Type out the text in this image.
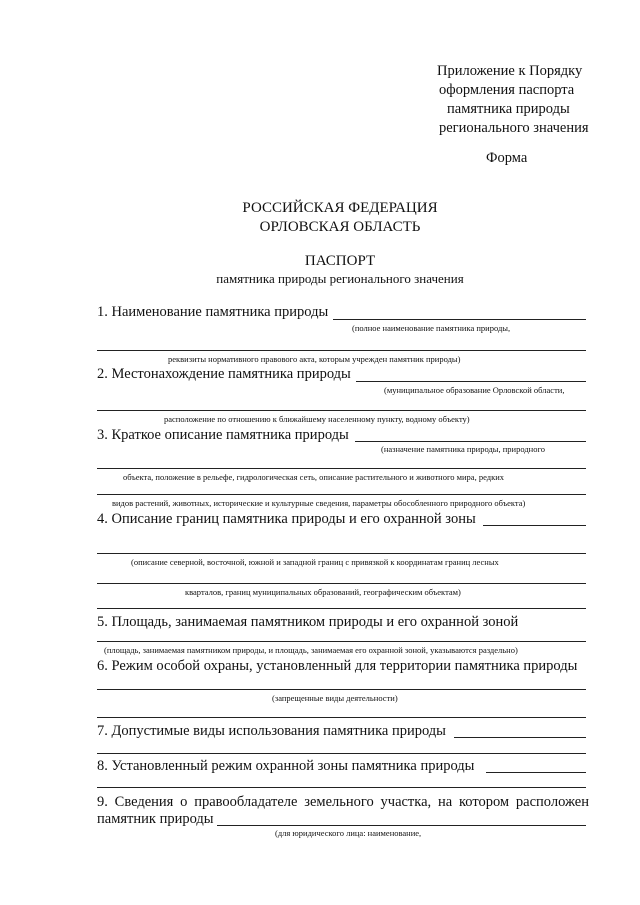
Приложение к Порядку
оформления паспорта
памятника природы
регионального значения
Форма
РОССИЙСКАЯ ФЕДЕРАЦИЯ
ОРЛОВСКАЯ ОБЛАСТЬ
ПАСПОРТ
памятника природы регионального значения
1. Наименование памятника природы
(полное наименование памятника природы,
реквизиты нормативного правового акта, которым учрежден памятник природы)
2. Местонахождение памятника природы
(муниципальное образование Орловской области,
расположение по отношению к ближайшему населенному пункту, водному объекту)
3. Краткое описание памятника природы
(назначение памятника природы, природного
объекта, положение в рельефе, гидрологическая сеть, описание растительного и животного мира, редких
видов растений, животных, исторические и культурные сведения, параметры обособленного природного объекта)
4. Описание границ памятника природы и его охранной зоны
(описание северной, восточной, южной и западной границ с привязкой к координатам границ лесных
кварталов, границ муниципальных образований, географическим объектам)
5. Площадь, занимаемая памятником природы и его охранной зоной
(площадь, занимаемая памятником природы, и площадь, занимаемая его охранной зоной, указываются раздельно)
6. Режим особой охраны, установленный для территории памятника природы
(запрещенные виды деятельности)
7. Допустимые виды использования памятника природы
8. Установленный режим охранной зоны памятника природы
9. Сведения о правообладателе земельного участка, на котором расположен
памятник природы
(для юридического лица: наименование,
